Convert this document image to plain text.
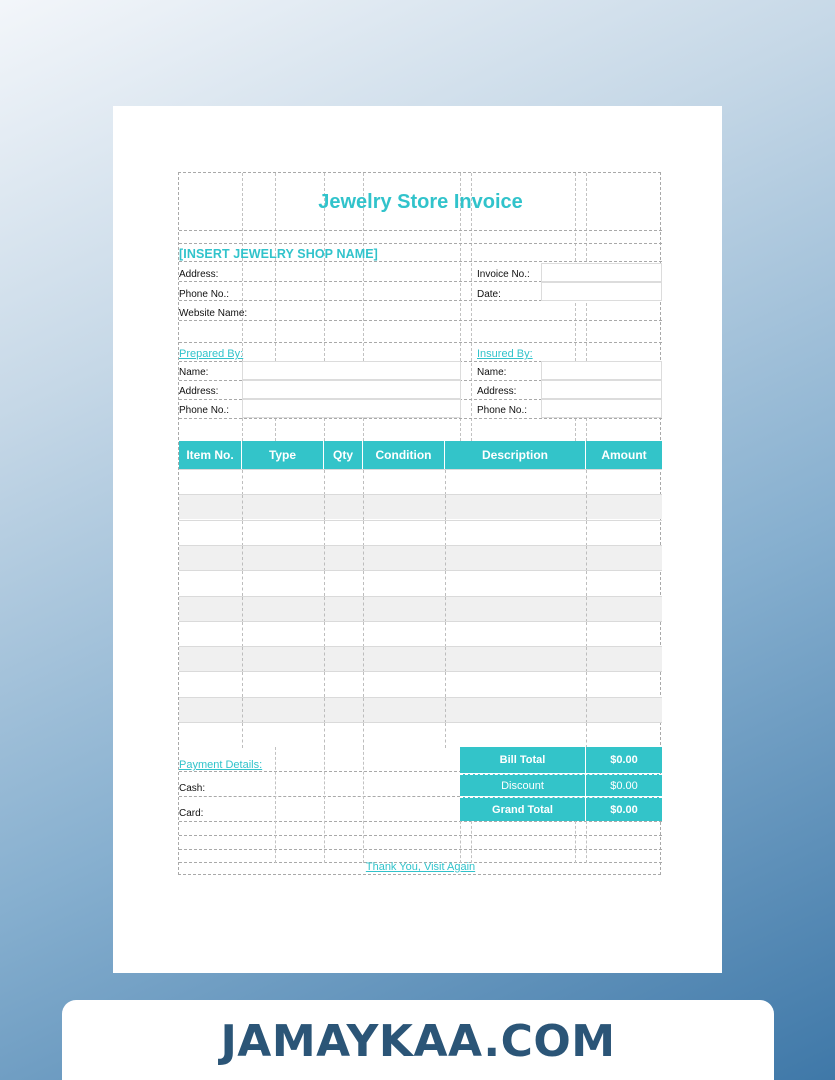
Jewelry Store Invoice
[INSERT JEWELRY SHOP NAME]
Address:
Phone No.:
Website Name:
Invoice No.:
Date:
Prepared By:
Name:
Address:
Phone No.:
Insured By:
Name:
Address:
Phone No.:
Item No.	Type	Qty	Condition	Description	Amount
Payment Details:
Cash:
Card:
Bill Total	$0.00
Discount	$0.00
Grand Total	$0.00
Thank You, Visit Again
JAMAYKAA.COM
